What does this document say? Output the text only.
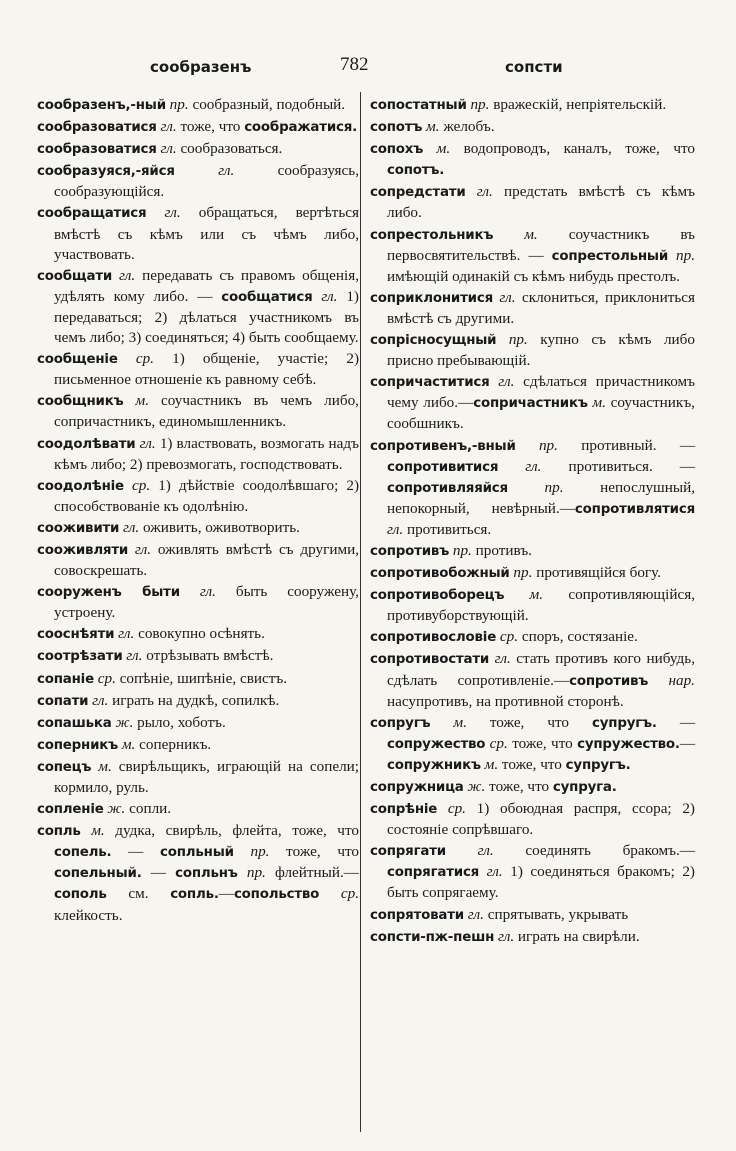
сообразенъ	782	сопсти
сообразенъ,-ный пр. сообразный, подобный.
сообразоватися гл. тоже, что соображатися.
сообразоватися гл. сообразоваться.
сообразуяся,-яйся гл. сообразуясь, сообразующiйся.
сообращатися гл. обращаться, вертѣться вмѣстѣ съ кѣмъ или съ чѣмъ либо, участвовать.
сообщати гл. передавать съ правомъ общенiя, удѣлять кому либо. — сообщатися гл. 1) передаваться; 2) дѣлаться участникомъ въ чемъ либо; 3) соединяться; 4) быть сообщаему.
сообщенiе ср. 1) общенiе, участiе; 2) письменное отношенiе къ равному себѣ.
сообщникъ м. соучастникъ въ чемъ либо, сопричастникъ, единомышленникъ.
сoодолѣвати гл. 1) властвовать, возмогать надъ кѣмъ либо; 2) превозмогать, господствовать.
сoодолѣнiе ср. 1) дѣйствiе соодолѣвшаго; 2) способствованiе къ одолѣнiю.
сооживити гл. оживить, оживотворить.
сооживляти гл. оживлять вмѣстѣ съ другими, совоскрешать.
сооруженъ быти гл. быть сооружену, устроену.
сооснѣяти гл. совокупно осѣнять.
соотрѣзати гл. отрѣзывать вмѣстѣ.
сопанiе ср. сопѣнiе, шипѣнiе, свистъ.
сопати гл. играть на дудкѣ, сопилкѣ.
сопашька ж. рыло, хоботъ.
соперникъ м. соперникъ.
сопецъ м. свирѣльщикъ, играющiй на сопели; кормило, руль.
сопленiе ж. сопли.
сопль м. дудка, свирѣль, флейта, тоже, что сопель. — сопльный пр. тоже, что сопельный. — сопльнъ пр. флейтный.—сопoль см. сопль.—сопольство ср. клейкость.
сопостатный пр. вражескiй, непрiятельскiй.
сопотъ м. желобъ.
сопохъ м. водопроводъ, каналъ, тоже, что сопотъ.
сопредстати гл. предстать вмѣстѣ съ кѣмъ либо.
сопрестольникъ м. соучастникъ въ первосвятительствѣ. — сопрестольный пр. имѣющiй одинакiй съ кѣмъ нибудь престолъ.
сопpиклонитися гл. склониться, приклониться вмѣстѣ съ другими.
сопрiсносущный пр. купно съ кѣмъ либо присно пребывающiй.
сопричаститися гл. сдѣлаться причастникомъ чему либо.—сопричастникъ м. соучастникъ, сообшникъ.
сопротивенъ,-вный пр. противный. — сопротивитися гл. противиться. — сопротивляяйся пр. непослушный, непокорный, невѣрный.—сопротивлятися гл. противиться.
сопротивъ пр. противъ.
сопротивобожный пр. противящiйся богу.
сопротивоборецъ м. сопротивляющiйся, противуборствующiй.
сопротивословiе ср. споръ, состязанiе.
сопротивостати гл. стать противъ кого нибудь, сдѣлать сопротивленiе.—сопротивъ нар. насупротивъ, на противной сторонѣ.
сопругъ м. тоже, что супругъ. — сопружество ср. тоже, что супружество.—сопружникъ м. тоже, что супругъ.
сопружница ж. тоже, что супруга.
сопрѣнiе ср. 1) обоюдная распря, ссора; 2) состоянiе сопрѣвшаго.
сопрягати гл. соединять бракомъ.— сопрягатися гл. 1) соединяться бракомъ; 2) быть сопрягаему.
сопрятовати гл. спрятывать, укрывать
сопсти-пж-пешн гл. играть на свирѣли.
